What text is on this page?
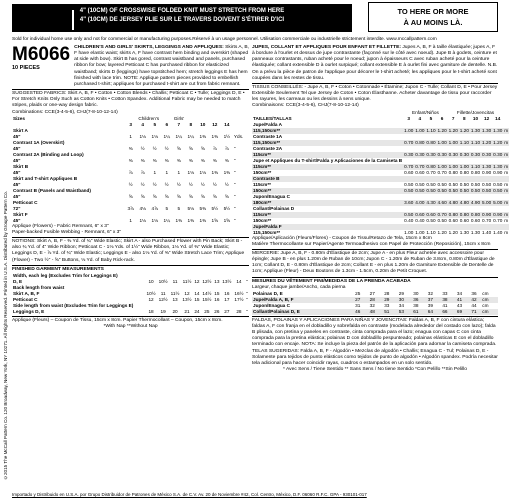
4" (10CM) OF CROSSWISE FOLDED KNIT MUST STRETCH FROM HERE
4" (10CM) DE JERSEY PLIE SUR LE TRAVERS DOIVENT S'ÉTIRER D'ICI
TO HERE OR MORE
À AU MOINS LÀ.
Sold for individual home use only and not for commercial or manufacturing purposes.Réservé à un usage personnel. Utilisation commerciale ou industrielle strictement interdite. www.mccallpattern.com
©2015 The McCall Pattern Co. 120 Broadway, New York, NY 10271. All Rights Reserved. Printed in U.S.A. Distributed by Groupe Pattern Co.
M6066
10 PIECES
CHILDREN'S AND GIRLS' SKIRTS, LEGGINGS AND APPLIQUES: Skirts A, B, F have elastic waist; skirts A, F have contrast hem binding and overskirt (shaped at side with bow). Skirt B has gored, contrast waistband and panels, purchased ribbon for bow; layered Petticoat C has purchased ribbon for elasticized waistband; skirts D (leggings) have topstitched hem; stretch leggings E has hem finished with lace trim. NOTE: Applique pattern pieces provided to embellish purchased t-shirt; appliques for purchased t-shirt are cut from fabric remnant.
SUGGESTED FABRICS: Skirt A, B, F • Cotton • Cotton Blends • Challis; Petticoat C • Tulle; Leggings D, E • For Stretch Knits Only Such as Cotton Knits • Cotton Spandex. Additional Fabric may be needed to match stripes, plaids or one-way design fabric.
Combinations: CCE(3-4-5-6), CHJ(7-8-10-12-14)
Sizes	Children's				Girls'					
	3	4	5	6	7	8	10	12	14	
Skirt A										
45"	1	1⅛	1⅛	1¼	1¼	1¼	1⅜	1⅜	1½	Yds.
Contrast 1A (Overskirt)										
45"	⅜	½	½	½	⅝	⅝	⅝	⅞	⅞	"
Contrast 2A (Binding and Loop)										
45"	⅜	⅜	⅜	⅜	⅜	⅜	⅜	⅜	⅜	"
Skirt B										
45"	⅞	⅞	1	1	1	1⅛	1⅛	1⅜	1⅜	"
Skirt and T-shirt Appliques B										
45"	½	½	½	½	½	½	½	½	½	"
Contrast B (Panels and Waistband)										
45"	⅝	⅝	⅝	⅝	⅝	⅝	⅝	⅝	⅝	"
Petticoat C										
72"	3⅞	4⅛	4⅞	5	5	5⅛	5⅜	5½	5½	"
Skirt F										
45"	1	1⅛	1⅛	1¼	1⅜	1⅜	1⅜	1⅝	1⅝	"
Applique (Flowers) - Fabric Remnant, 6" x 3"
Paper-backed Fusible Webbing - Remnant, 6" x 3"
NOTIONS: Skirt A, B, F - ⅜ Yd. of ¾" Wide Elastic; Skirt A - also Purchased Flower with Pin Back; Skirt B - also ¾ Yd. of 4" Wide Ribbon; Petticoat C - 1⅛ Yds. of 1½" Wide Ribbon, 1⅛ Yd. of ⅜" Wide Elastic; Leggings D, E - ⅞ Yd. of ¾" Wide Elastic; Leggings E - also 1⅛ Yd. of ⅜" Wide Stretch Lace Trim; Applique (Flower) - Two ½" - ⅝" Buttons, ⅛ Yd. of Baby Rick-rack.
FINISHED GARMENT MEASUREMENTS
Width, each leg (Excludes Trim for Leggings E)										
D, E	10	10½	11	11½	12	12½	13	13½	14	"
Back length from waist										
Skirt A, B, F	10½	11	11½	12	14	14½	15	16	16½	"
Petticoat C	12	12½	13	13½	15	15½	16	17	17½	"
Side length from waist (Excludes Trim for Leggings E)										
Leggings D, E	18	19	20	21	24	25	26	27	28	"
Applique (Fleurs) – Coupon de Tissu, 15cm x 8cm. Papier Thermocollant – Coupon, 15cm x 8cm.
*With Nap **Without Nap
JUPES, COLLANT ET APPLIQUES POUR ENFANT ET FILLETTE: Jupes A, B, F à taille élastiquée; jupes A, F à bordure à l'ourlet et dessus de jupe contrastante (façonné sur le côté avec noeud). Jupe B à godets, ceinture et panneaux contrastants, ruban acheté pour le noeud; jupon à épaisseurs C avec ruban acheté pour la ceinture élastiquée; collant extensible D à ourlet surpiqué; collant extensible E à ourlet fini avec garniture de dentelle. N.B. On a prévu la pièce de patron de l'applique pour décorer le t-shirt acheté; les appliques pour le t-shirt acheté sont coupées dans les restes de tissu.
TISSUS CONSEILLÉS: - Jupe A, B, F • Coton • Cotonnade • Étamine; Jupon C - Tulle; Collant D, E • Pour Jersey Extensible Seulement Tel que Jersey de Coton • Coton Élasthanne. Acheter davantage de tissu pour raccorder les rayures, les carreaux ou les dessins à sens unique.
Combinaisons: CCE(3-4-5-6), CHJ(7-8-10-12-14)
	Enfant/Niños				Fillette/Jovencitas					
TAILLES/TALLAS	3	4	5	6	7	8	10	12	14	
Jupe/Falda A										
115,150cm**	1.00	1.00	1.10	1.20	1.20	1.20	1.30	1.30	1.30	m
Contraste 1A										
115,150cm**	0.70	0.80	0.80	1.00	1.00	1.10	1.10	1.20	1.20	m
Contraste 2A										
115cm**	0.30	0.30	0.30	0.30	0.30	0.30	0.30	0.30	0.30	m
Jupe et Appliques du T-shirt/Falda y Aplicaciones de la Camiseta B										
115cm**	0.70	0.70	0.80	1.00	1.00	1.00	1.10	1.30	1.30	m
150cm**	0.60	0.60	0.70	0.70	0.80	0.80	0.80	0.90	0.90	m
Contraste B										
115cm**	0.50	0.50	0.50	0.50	0.50	0.50	0.50	0.50	0.50	m
150cm**	0.50	0.50	0.50	0.50	0.50	0.50	0.50	0.50	0.50	m
Jupon/Enagua C										
180cm**	3.60	4.00	4.30	4.60	4.80	4.80	4.90	5.00	5.00	m
Collant/Polainas D										
115cm**	0.50	0.60	0.60	0.70	0.80	0.80	0.80	0.90	0.90	m
150cm**	0.40	0.40	0.50	0.50	0.60	0.60	0.60	0.70	0.70	m
Jupe/Falda F										
115,150cm**	1.00	1.00	1.10	1.20	1.20	1.30	1.30	1.40	1.40	m
Applique/Aplicación (Fleurs/Flores) - Coupon de Tissu/Retazo de Tela, 15cm x 8cm
Matière Thermocollante sur Papier/Agente Termoadhesivo con Papel de Protección (Reposición), 15cm x 8cm
MERCERIE: Jupe A, B, F - 0.80m d'Élastique de 2cm; Jupe A - en plus Fleur achetée avec accessoire pour épingle; Jupe B - en plus 1.20m de Ruban de 10cm; Jupon C - 1.20m de Ruban de 3.8cm, 0.80m d'Élastique de 1cm; Collant D, E - 0.80m d'Élastique de 2cm; Collant E - en plus 1.20m de Garniture Extensible de Dentelle de 1cm; Applique (Fleur) - Deux Boutons de 1.3cm - 1.5cm, 0.20m de Petit Croquet.
MESURES DU VÊTEMENT FINI/MEDIDAS DE LA PRENDA ACABADA
Largeur, chaque jambe/Ancho, cada pierna
Polainas D, E	25	27	28	29	30	32	33	34	36	cm
Jupe/Falda A, B, F	27	28	29	30	36	37	38	41	42	cm
Jupon/Enagua C	31	32	33	34	38	39	41	43	44	cm
Collant/Polainas D, E	46	48	51	53	61	64	66	69	71	cm
FALDAS, POLAINAS Y APLICACIONES PARA NIÑAS Y JOVENCITAS: Faldas A, B, F con cintura elástica; faldas A, F con franja en el dobladillo y sobrefalda en contraste (modelada alrededor del costado con lazo); falda B plisada, con pretina y paneles en contraste, cinta comprada para el lazo; enagua con capas C con cinta comprada para la pretina elástica; polainas D con dobladillo pespunteado; polainas elásticas E con el dobladillo terminado con encaje. NOTA: Se incluye la pieza del patrón de la aplicación para adornar la camiseta comprada.
TELAS SUGERIDAS: Falda A, B, F - Algodón • Mezclas de algodón • Challis; Enagua C - Tul; Polainas D, E - Solamente para tejidos de punto elásticos como tejidos de punto de algodón • Algodón spandex. Podría necesitar tela adicional para hacer coincidir rayas, cuadros o estampados en un solo sentido.
* Avec Sens / Tiene Sentido ** Sans Sens / No tiene Sentido *Con Pelillo **Sin Pelillo
Importado y Distribuido en U.S.A. por Grupo Distribuidor de Patrones de México S.A. de C.V. Av. 20 de Noviembre #42, Col. Centro, México, D.F. 06060 R.F.C. GPA - 930101-017
